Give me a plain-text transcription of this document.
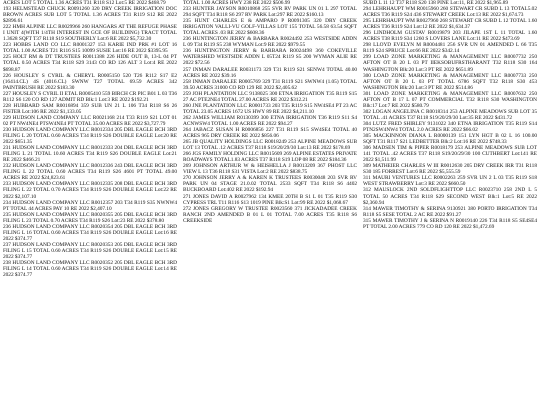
ACRES LOT 5 TOTAL 1.36 ACRES T31 R118 S12 Lot:5 RE 2022 $468.79

193 HELMSTEAD CHUCK R0091260 320 DRY CREEK IRRIGATION DOC BROWN ACRES SUB LOT 5 TOTAL 1.36 ACRES T31 R119 S12 RE 2022 $2896.61

222 HMH ALPINE LLC R0029966 260 HANGARS AT THE REFUGE PHASE I UNIT 4(WITH 1/4TH INTEREST IN GCE OF BUILDING) TRACT TOTAL 1.3628 SQFT T37 R118 S19 SOUTHERLY Lot:6 RE 2022 $5,732.30

223 HOBBS LAND CO LLC R0001327 153 KARIE IND PRK #1 LOT 16 TOTAL 1.00 ACRES T21 R116 S15 10099 SUSIE Lot:16 RE 2022 $3395.95

225 HOLT RM & DT TRUSTEES R0011388 226 HIDE OUT B, 13-L 04 PT TOTAL 0.50 ACRES T34 R118 S29 3143 CO RD 126 ALT 3 Lot:4 RE 2022 $698.87

226 HOUSLEY S CYRIL & CHERYL R0005150 520 T26 R112 S17 E2 (16414.CL) 4S (4016.CL) SWNW T27 TOTAL 69.59 ACRES 342 PAINTBRUSH RE 2022 $183.30

227 HOUSLEY S CYRIL II ETAL R0005410 559 BIRCH CR PIC B01 L 03 T36 R112 S6 120 CO RD 127 ADMIT RD Blk:1 Lot:3 RE 2022 $192.21

228 HUBBARD SAM R0016894 359 SUB UN 21 L 106 T34 R118 S6 26 FISTER Lot:106 RE 2022 $1,133.05

229 HUDSON LAND COMPANY LLC R0021168 214 T33 R119 S21 LOT 01 02 PT NW4NE4 PTSW4NE4 PT TOTAL 35.00 ACRES RE 2022 $3,727.79

230 HUDSON LAND COMPANY LLC R0012334 205 DBL EAGLE BCH 3RD FILING L 20 TOTAL 0.60 ACRES T34 R119 S26 DOUBLE EAGLE Lot:20 RE 2022 $651.35

231 HUDSON LAND COMPANY LLC R0012333 204 DBL EAGLE BCH 3RD FILING L 21 TOTAL 10.60 ACRES T34 R119 S26 DOUBLE EAGLE Lot:21 RE 2022 $466.21

232 HUDSON LAND COMPANY LLC R0012336 243 DBL EAGLE BCH 3RD FILING L 22 TOTAL 0.60 ACRES T34 R119 S26 4601 PT TOTAL 49.00 ACRES RE 2022 $24,823.61

233 HUDSON LAND COMPANY LLC R0012335 208 DBL EAGLE BCH 3RD FILING L 22 TOTAL 0.70 ACRES T34 R119 S26 DOUBLE EAGLE Lot:22 RE 2022 $2,107.10

234 HUDSON LAND COMPANY LLC R0012357 203 T34 R119 S35 NWNW4 PT TOTAL 44 ACRES PAY 10 RE 2022 $2,407.10

235 HUDSON LAND COMPANY LLC R0020355 205 DBL EAGLE BCH 3RD FILING L 23 TOTAL 0.70 ACRES T34 R119 S26 Lot:23 RE 2022 $378.80

236 HUDSON LAND COMPANY LLC R0020354 205 DBL EAGLE BCH 3RD FILING L 16 TOTAL 0.60 ACRES T34 R119 S26 DOUBLE EAGLE Lot:16 RE 2022 $374.77

237 HUDSON LAND COMPANY LLC R0020353 205 DBL EAGLE BCH 3RD FILING L 15 TOTAL 0.60 ACRES T34 R119 S26 DOUBLE EAGLE Lot:15 RE 2022 $374.77

238 HUDSON LAND COMPANY LLC R0020352 205 DBL EAGLE BCH 3RD FILING L 14 TOTAL 0.60 ACRES T34 R119 S26 DOUBLE EAGLE Lot:14 RE 2022 $374.77

TOTAL 1.00 ACRES HWY 238 RE 2022 $506.99

233 HUNTER JAYSON R0010868 255 SVR RV PARK UN 01 L 297 TOTAL 294 SQFT T34 R118 S6 297 RV PARK Lot:297 RE 2022 $160.13

235 HUNT CHARLES E & AMPARO P R0091305 320 DRY CREEK IRRIGATION VALLI-VU GOLF-VILLAS LOT 155 TOTAL 56.58 63.54 SQFT TOTAL ACRES .03 RE 2022 $608.36

236 HUNTINGTON JERRY & BARBARA R0024492 253 WESTSIDE ADDN L 09 T34 R119 S5 238 WYMAN Lot:9 RE 2022 $979.55

236 HUNTINGTON JERRY & BARBARA R0024498 360 COKEVILLE WATERSHED WESTSIDE ADDN L 05T24 R119 S5 200 WYMAN ALIE RE 2022 $72.56

257 INMAN DARALEE R0031173 329 T31 R119 S21 SENW4 TOTAL 40.00 ACRES RE 2022 $39.16

258 INMAN DARALEE R0005769 329 T31 R119 S21 SWNW4 (1.05) TOTAL 39.50 ACRES 31000 CO RD 129 RE 2022 $2,405.62

259 JOH PLANTATION LLC 9138025 300 ETNA IRRIGATION T35 R119 S15 27 AC PTE2NE4 TOTAL 27.00 ACRES RE 2022 $312.21

260 JNE PLANTATION LLC R0001733 203 T35 R119 S15 NW4SE4 PT 23 AC TOTAL 23.05 ACRES 1672 US HWY 89 RE 2022 $4,211.10

262 JAMES WILLIAM R0130399 300 ETNA IRRIGATION T36 R119 S11 S4 ACNWSW4 TOTAL 1.00 ACRES RE 2022 $94.27

264 JABACZ SUSAN H R0006856 227 T31 R119 S15 SW4SE4 TOTAL 40 ACRES 965 DRY CREEK RE 2022 $856.06

265 JB QUALITY HOLDINGS LLC R0018249 253 ALPINE MEADOWS SUB LOT 13 TOTAL .12 ACRES T37 R118 S19/20/29/30 Lot:13 RE 2022 $178.69

266 JGS FAMILY HOLDING LLC R0015609 269 ALPINE ESTATES PRIVATE ROADWAYS TOTAL1.83 ACRES T37 R118 S19 LOP 08 RE 2022 $184.36

269 JOHNSON ARTHUR W & HEISHELLA J R0013209 367 PHOST LLC VIEW L 13 T36 R118 S31 VISTA Lot:2 RE 2022 $838.75

270 JOHNSON JERRY A & KAREN K TRUSTEES R0030048 203 SVR RV PARK UN 04 STAGE 21.0.02 TOTAL 2533 SQFT T34 R118 S6 4402 BUCKBOARD Lot:402 RE 2022 $192.94

271 JONES DAVID A R0027962 134 KMEE 20TH B S1 L 01 T35 R119 S30 CYPRESS TRL T11 R116 S13 1019 PINE Blk:S1 Lot:99 RE 2022 $1,068.67

272 JONES GREGORY W TRUSTEE R0023560 371 JICKADADEE CREEK RANCH 2ND AMENDED B 01 L 01 TOTAL 7.00 ACRES T35 R118 S6 CREEKSIDE

SUBD L 11 12 T37 R118 S20 138 PINE Lot:11, RE 2022 $1,965.89

294 LEHRHAUPT WM R0015960 260 STEWART CR SUBD L 13 TOTAL5.02 ACRES T36 R119 S24 436 STEWART CREEK Lot:13 RE 2022 $1,674.73

295 LEHRHAUPT WM R0027960 268 STEWART CR SUBD L 12 TOTAL 1.60 ACRES T36 R119 S24 Lot:12 RE 2022 $1,634.37

296 LINDHOLM GUSTAV R0019879 203 JILAPE 1ST L 11 TOTAL 1.60 ACRES T38 R119 S34 1260 S LOVERS LANE Lot:11 RE 2022 $473.69

298 LLOYD EVELYN M R0004481 256 SVR UN 01 AMENDED L 66 T35 R119 S24 SPRUCE Lot:66 RE 2022 $342.14

299 LOAD ZONE MARKETING & MANAGEMENT LLC R0007732 250 AFTON OT B 20 L 03 PT IIEKSOBUFRSTHARANT T32 R118 S30 164 WASHINGTON Blk:20 Lot:3 PT RE 2022 $651.89

300 LOAD ZONE MARKETING & MANAGEMENT LLC R0007733 250 AFTON OT B 20 L 03 PT TOTAL 6786 SQFT T32 R118 S30 453 WASHINGTON Blk:20 Lot:3 PT RE 2022 $514.86

301 LOAD ZONE MARKETING & MANAGEMENT LLC R0007632 250 AFTON OT B 17 L 07 PT COMMERCIAL T32 R118 S30 WASHINGTON Blk:17 Lot:7 RE 2022 $580.79

302 LOGAN ANGELINA C R0018314 253 ALPINE MEADOWS SUB LOT 35 TOTAL .41 ACRES T37 R118 S19/20/29/30 Lot:35 RE 2022 $431.72

304 LUTZ FRED SHIRLEY 9131022 340 ETNA IRRIGATION T35 R119 S14 PTN2SW4NW4 TOTAL 2.0 ACRES RE 2022 $66.02

305 MACKINNON DIANA L R0000139 151 LYN HGT B 02 L 16 100.00 SQFT T31 R117 S21 LEDBETTER Blk:2 Lot:16 RE 2022 $748.33

306 MADSEN TIM & PIPER R0018179 253 ALPINE MEADOWS SUB LOT 141 TOTAL .42 ACRES T37 R118 S19/20/29/30 100 CUTHBERT Lot:141 RE 2022 $1,511.99

309 MATHEIER CHARLES W III R0012630 205 DRY CREEK IRR T31 R118 S30 185 FORREST Lot:6 RE 2022 $5,555.59

311 MAURI VENTURES LLC R0002263 259 SVR UN 2 L 03 T35 R119 S18 WEST STRAWBERRY Lot:3 RE 2022 $660.50

312 MAUSLOCK 2ND SOLDFLIGHTTOP LLC R0023710 258 2ND L 5 TOTAL 50 ACRES T34 R118 S29 SECOND WEST Blk:1 Lot:5 RE 2022 $2,360.94

314 MAWER TIMOTHY & SERINA 9130921 380 PORTO IRRIGATION T34 R118 S5 SESE TOTAL 2 AC RE 2022 $91.27

315 MAWER TIMOTHY J & SERINA N R0019140 226 T34 R118 S5 SE4SE4 PT TOTAL 2.00 ACRES 779 CO RD 120 RE 2022 $1,472.69
